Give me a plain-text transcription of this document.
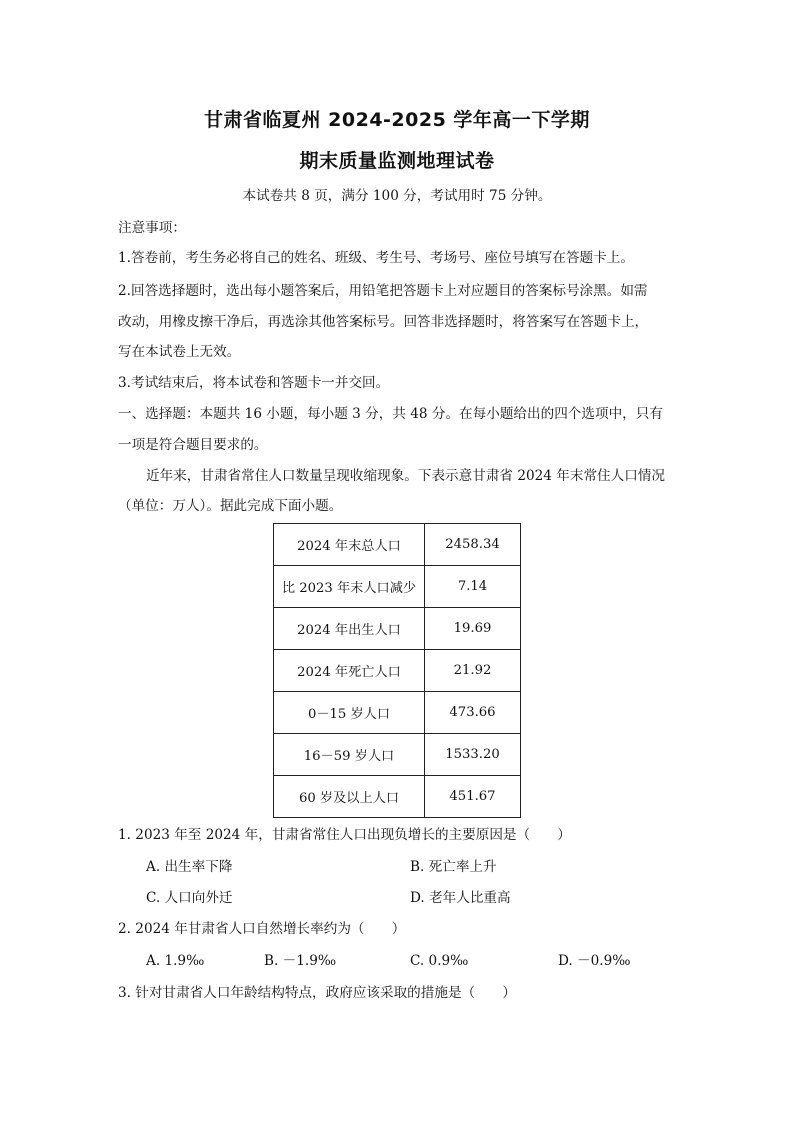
甘肃省临夏州 2024-2025 学年高一下学期
期末质量监测地理试卷
本试卷共 8 页，满分 100 分，考试用时 75 分钟。
注意事项：
1.答卷前，考生务必将自己的姓名、班级、考生号、考场号、座位号填写在答题卡上。
2.回答选择题时，选出每小题答案后，用铅笔把答题卡上对应题目的答案标号涂黑。如需
改动，用橡皮擦干净后，再选涂其他答案标号。回答非选择题时，将答案写在答题卡上，
写在本试卷上无效。
3.考试结束后，将本试卷和答题卡一并交回。
一、选择题：本题共 16 小题，每小题 3 分，共 48 分。在每小题给出的四个选项中，只有
一项是符合题目要求的。
近年来，甘肃省常住人口数量呈现收缩现象。下表示意甘肃省 2024 年末常住人口情况
（单位：万人）。据此完成下面小题。
2024 年末总人口	2458.34
比 2023 年末人口减少	7.14
2024 年出生人口	19.69
2024 年死亡人口	21.92
0－15 岁人口	473.66
16－59 岁人口	1533.20
60 岁及以上人口	451.67
1. 2023 年至 2024 年，甘肃省常住人口出现负增长的主要原因是（　　）
A. 出生率下降	B. 死亡率上升
C. 人口向外迁	D. 老年人比重高
2. 2024 年甘肃省人口自然增长率约为（　　）
A. 1.9‰	B. －1.9‰	C. 0.9‰	D. －0.9‰
3. 针对甘肃省人口年龄结构特点，政府应该采取的措施是（　　）
